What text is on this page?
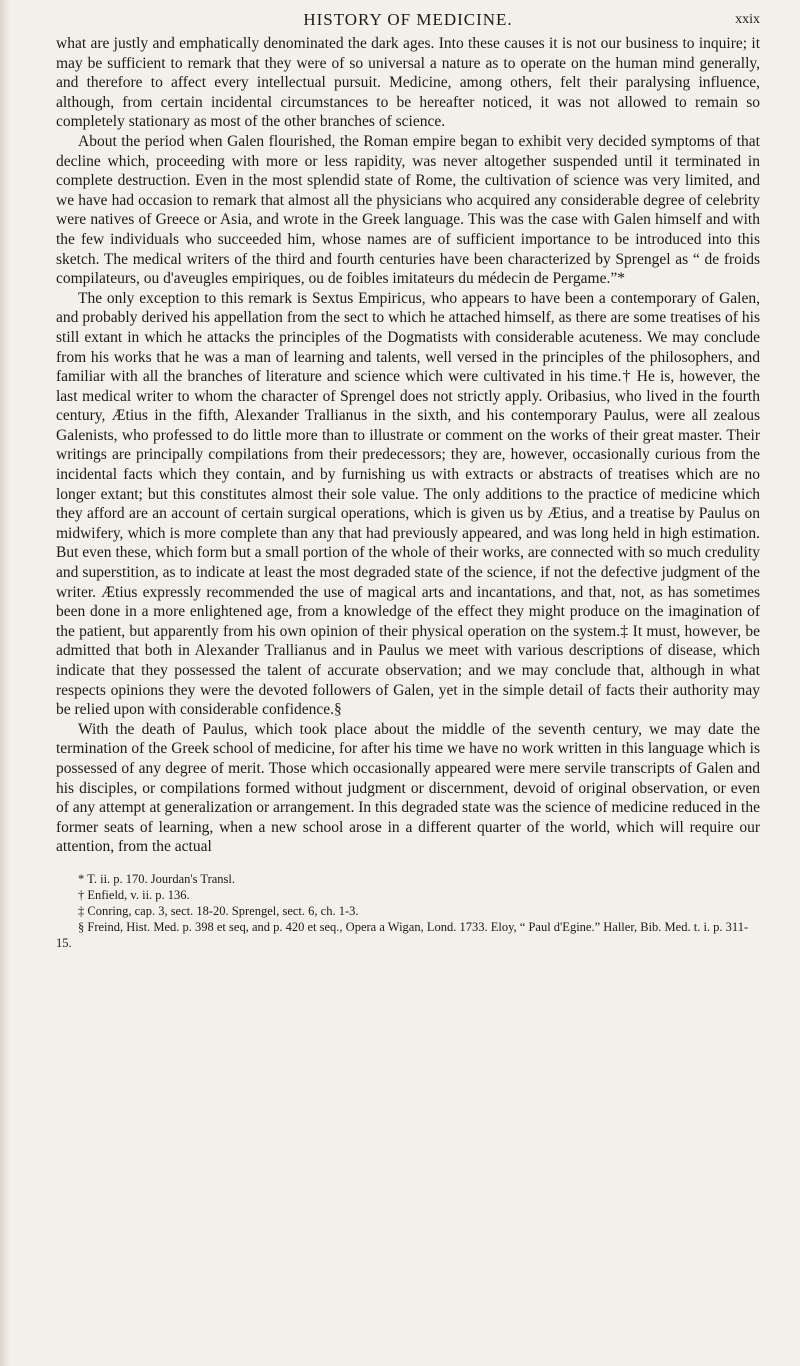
HISTORY OF MEDICINE.	xxix

what are justly and emphatically denominated the dark ages. Into these causes it is not our business to inquire; it may be sufficient to remark that they were of so universal a nature as to operate on the human mind generally, and therefore to affect every intellectual pursuit. Medicine, among others, felt their paralysing influence, although, from certain incidental circumstances to be hereafter noticed, it was not allowed to remain so completely stationary as most of the other branches of science.

About the period when Galen flourished, the Roman empire began to exhibit very decided symptoms of that decline which, proceeding with more or less rapidity, was never altogether suspended until it terminated in complete destruction. Even in the most splendid state of Rome, the cultivation of science was very limited, and we have had occasion to remark that almost all the physicians who acquired any considerable degree of celebrity were natives of Greece or Asia, and wrote in the Greek language. This was the case with Galen himself and with the few individuals who succeeded him, whose names are of sufficient importance to be introduced into this sketch. The medical writers of the third and fourth centuries have been characterized by Sprengel as “ de froids compilateurs, ou d'aveugles empiriques, ou de foibles imitateurs du médecin de Pergame.”*

The only exception to this remark is Sextus Empiricus, who appears to have been a contemporary of Galen, and probably derived his appellation from the sect to which he attached himself, as there are some treatises of his still extant in which he attacks the principles of the Dogmatists with considerable acuteness. We may conclude from his works that he was a man of learning and talents, well versed in the principles of the philosophers, and familiar with all the branches of literature and science which were cultivated in his time.† He is, however, the last medical writer to whom the character of Sprengel does not strictly apply. Oribasius, who lived in the fourth century, Ætius in the fifth, Alexander Trallianus in the sixth, and his contemporary Paulus, were all zealous Galenists, who professed to do little more than to illustrate or comment on the works of their great master. Their writings are principally compilations from their predecessors; they are, however, occasionally curious from the incidental facts which they contain, and by furnishing us with extracts or abstracts of treatises which are no longer extant; but this constitutes almost their sole value. The only additions to the practice of medicine which they afford are an account of certain surgical operations, which is given us by Ætius, and a treatise by Paulus on midwifery, which is more complete than any that had previously appeared, and was long held in high estimation. But even these, which form but a small portion of the whole of their works, are connected with so much credulity and superstition, as to indicate at least the most degraded state of the science, if not the defective judgment of the writer. Ætius expressly recommended the use of magical arts and incantations, and that, not, as has sometimes been done in a more enlightened age, from a knowledge of the effect they might produce on the imagination of the patient, but apparently from his own opinion of their physical operation on the system.‡ It must, however, be admitted that both in Alexander Trallianus and in Paulus we meet with various descriptions of disease, which indicate that they possessed the talent of accurate observation; and we may conclude that, although in what respects opinions they were the devoted followers of Galen, yet in the simple detail of facts their authority may be relied upon with considerable confidence.§

With the death of Paulus, which took place about the middle of the seventh century, we may date the termination of the Greek school of medicine, for after his time we have no work written in this language which is possessed of any degree of merit. Those which occasionally appeared were mere servile transcripts of Galen and his disciples, or compilations formed without judgment or discernment, devoid of original observation, or even of any attempt at generalization or arrangement. In this degraded state was the science of medicine reduced in the former seats of learning, when a new school arose in a different quarter of the world, which will require our attention, from the actual

* T. ii. p. 170. Jourdan's Transl.

† Enfield, v. ii. p. 136.

‡ Conring, cap. 3, sect. 18-20. Sprengel, sect. 6, ch. 1-3.

§ Freind, Hist. Med. p. 398 et seq, and p. 420 et seq., Opera a Wigan, Lond. 1733. Eloy, “ Paul d'Egine.” Haller, Bib. Med. t. i. p. 311-15.
